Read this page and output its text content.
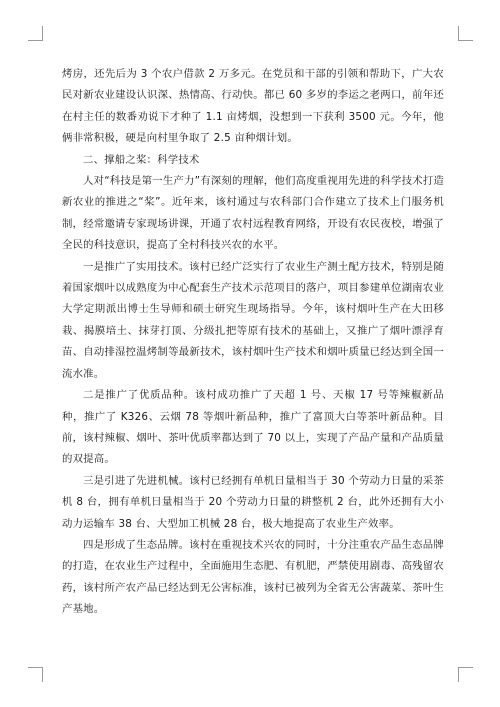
烤房，还先后为 3 个农户借款 2 万多元。在党员和干部的引领和帮助下，广大农民对新农业建设认识深、热情高、行动快。都已 60 多岁的李运之老两口，前年还在村主任的数番劝说下才种了 1.1 亩烤烟，没想到一下获利 3500 元。今年，他俩非常积极，硬是向村里争取了 2.5 亩种烟计划。

二、撑船之桨：科学技术

人对“科技是第一生产力”有深刻的理解，他们高度重视用先进的科学技术打造新农业的推进之“桨”。近年来，该村通过与农科部门合作建立了技术上门服务机制，经常邀请专家现场讲课，开通了农村远程教育网络，开设有农民夜校，增强了全民的科技意识，提高了全村科技兴农的水平。

一是推广了实用技术。该村已经广泛实行了农业生产测土配方技术，特别是随着国家烟叶以成熟度为中心配套生产技术示范项目的落户，项目参建单位湖南农业大学定期派出博士生导师和硕士研究生现场指导。今年，该村烟叶生产在大田移栽、揭膜培土、抹芽打顶、分级扎把等原有技术的基础上，又推广了烟叶漂浮育苗、自动排湿控温烤制等最新技术，该村烟叶生产技术和烟叶质量已经达到全国一流水准。

二是推广了优质品种。该村成功推广了天超 1 号、天椒 17 号等辣椒新品种，推广了 K326、云烟 78 等烟叶新品种，推广了富顶大白等茶叶新品种。目前，该村辣椒、烟叶、茶叶优质率都达到了 70 以上，实现了产品产量和产品质量的双提高。

三是引进了先进机械。该村已经拥有单机日量相当于 30 个劳动力日量的采茶机 8 台，拥有单机日量相当于 20 个劳动力日量的耕整机 2 台，此外还拥有大小动力运输车 38 台、大型加工机械 28 台，极大地提高了农业生产效率。

四是形成了生态品牌。该村在重视技术兴农的同时，十分注重农产品生态品牌的打造，在农业生产过程中，全面施用生态肥、有机肥，严禁使用剧毒、高残留农药，该村所产农产品已经达到无公害标准，该村已被列为全省无公害蔬菜、茶叶生产基地。
